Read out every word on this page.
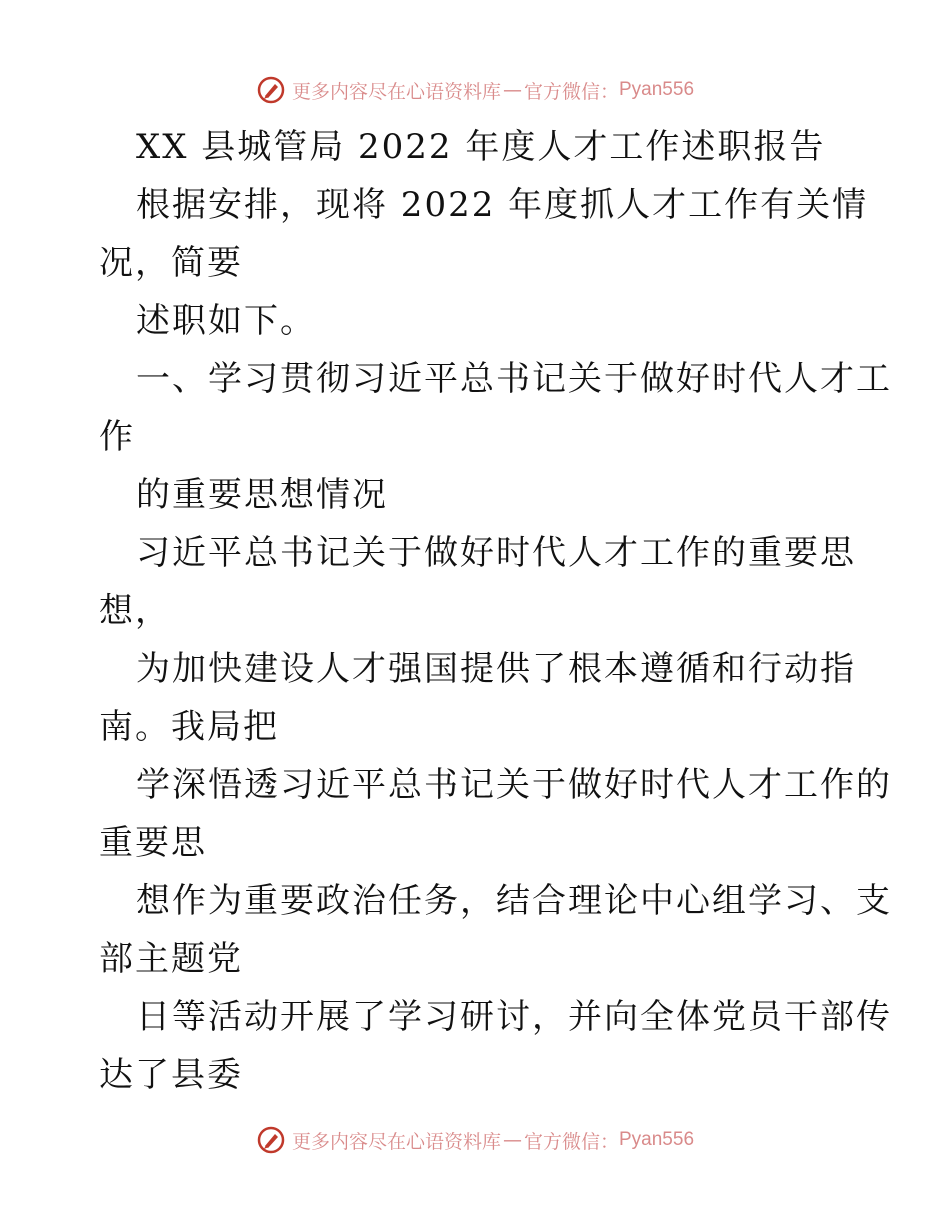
更多内容尽在心语资料库 — 官方微信： Pyan556
XX 县城管局 2022 年度人才工作述职报告
根据安排，现将 2022 年度抓人才工作有关情
况，简要
述职如下。
一、学习贯彻习近平总书记关于做好时代人才工
作
的重要思想情况
习近平总书记关于做好时代人才工作的重要思
想，
为加快建设人才强国提供了根本遵循和行动指
南。我局把
学深悟透习近平总书记关于做好时代人才工作的
重要思
想作为重要政治任务，结合理论中心组学习、支
部主题党
日等活动开展了学习研讨，并向全体党员干部传
达了县委
更多内容尽在心语资料库 — 官方微信： Pyan556
